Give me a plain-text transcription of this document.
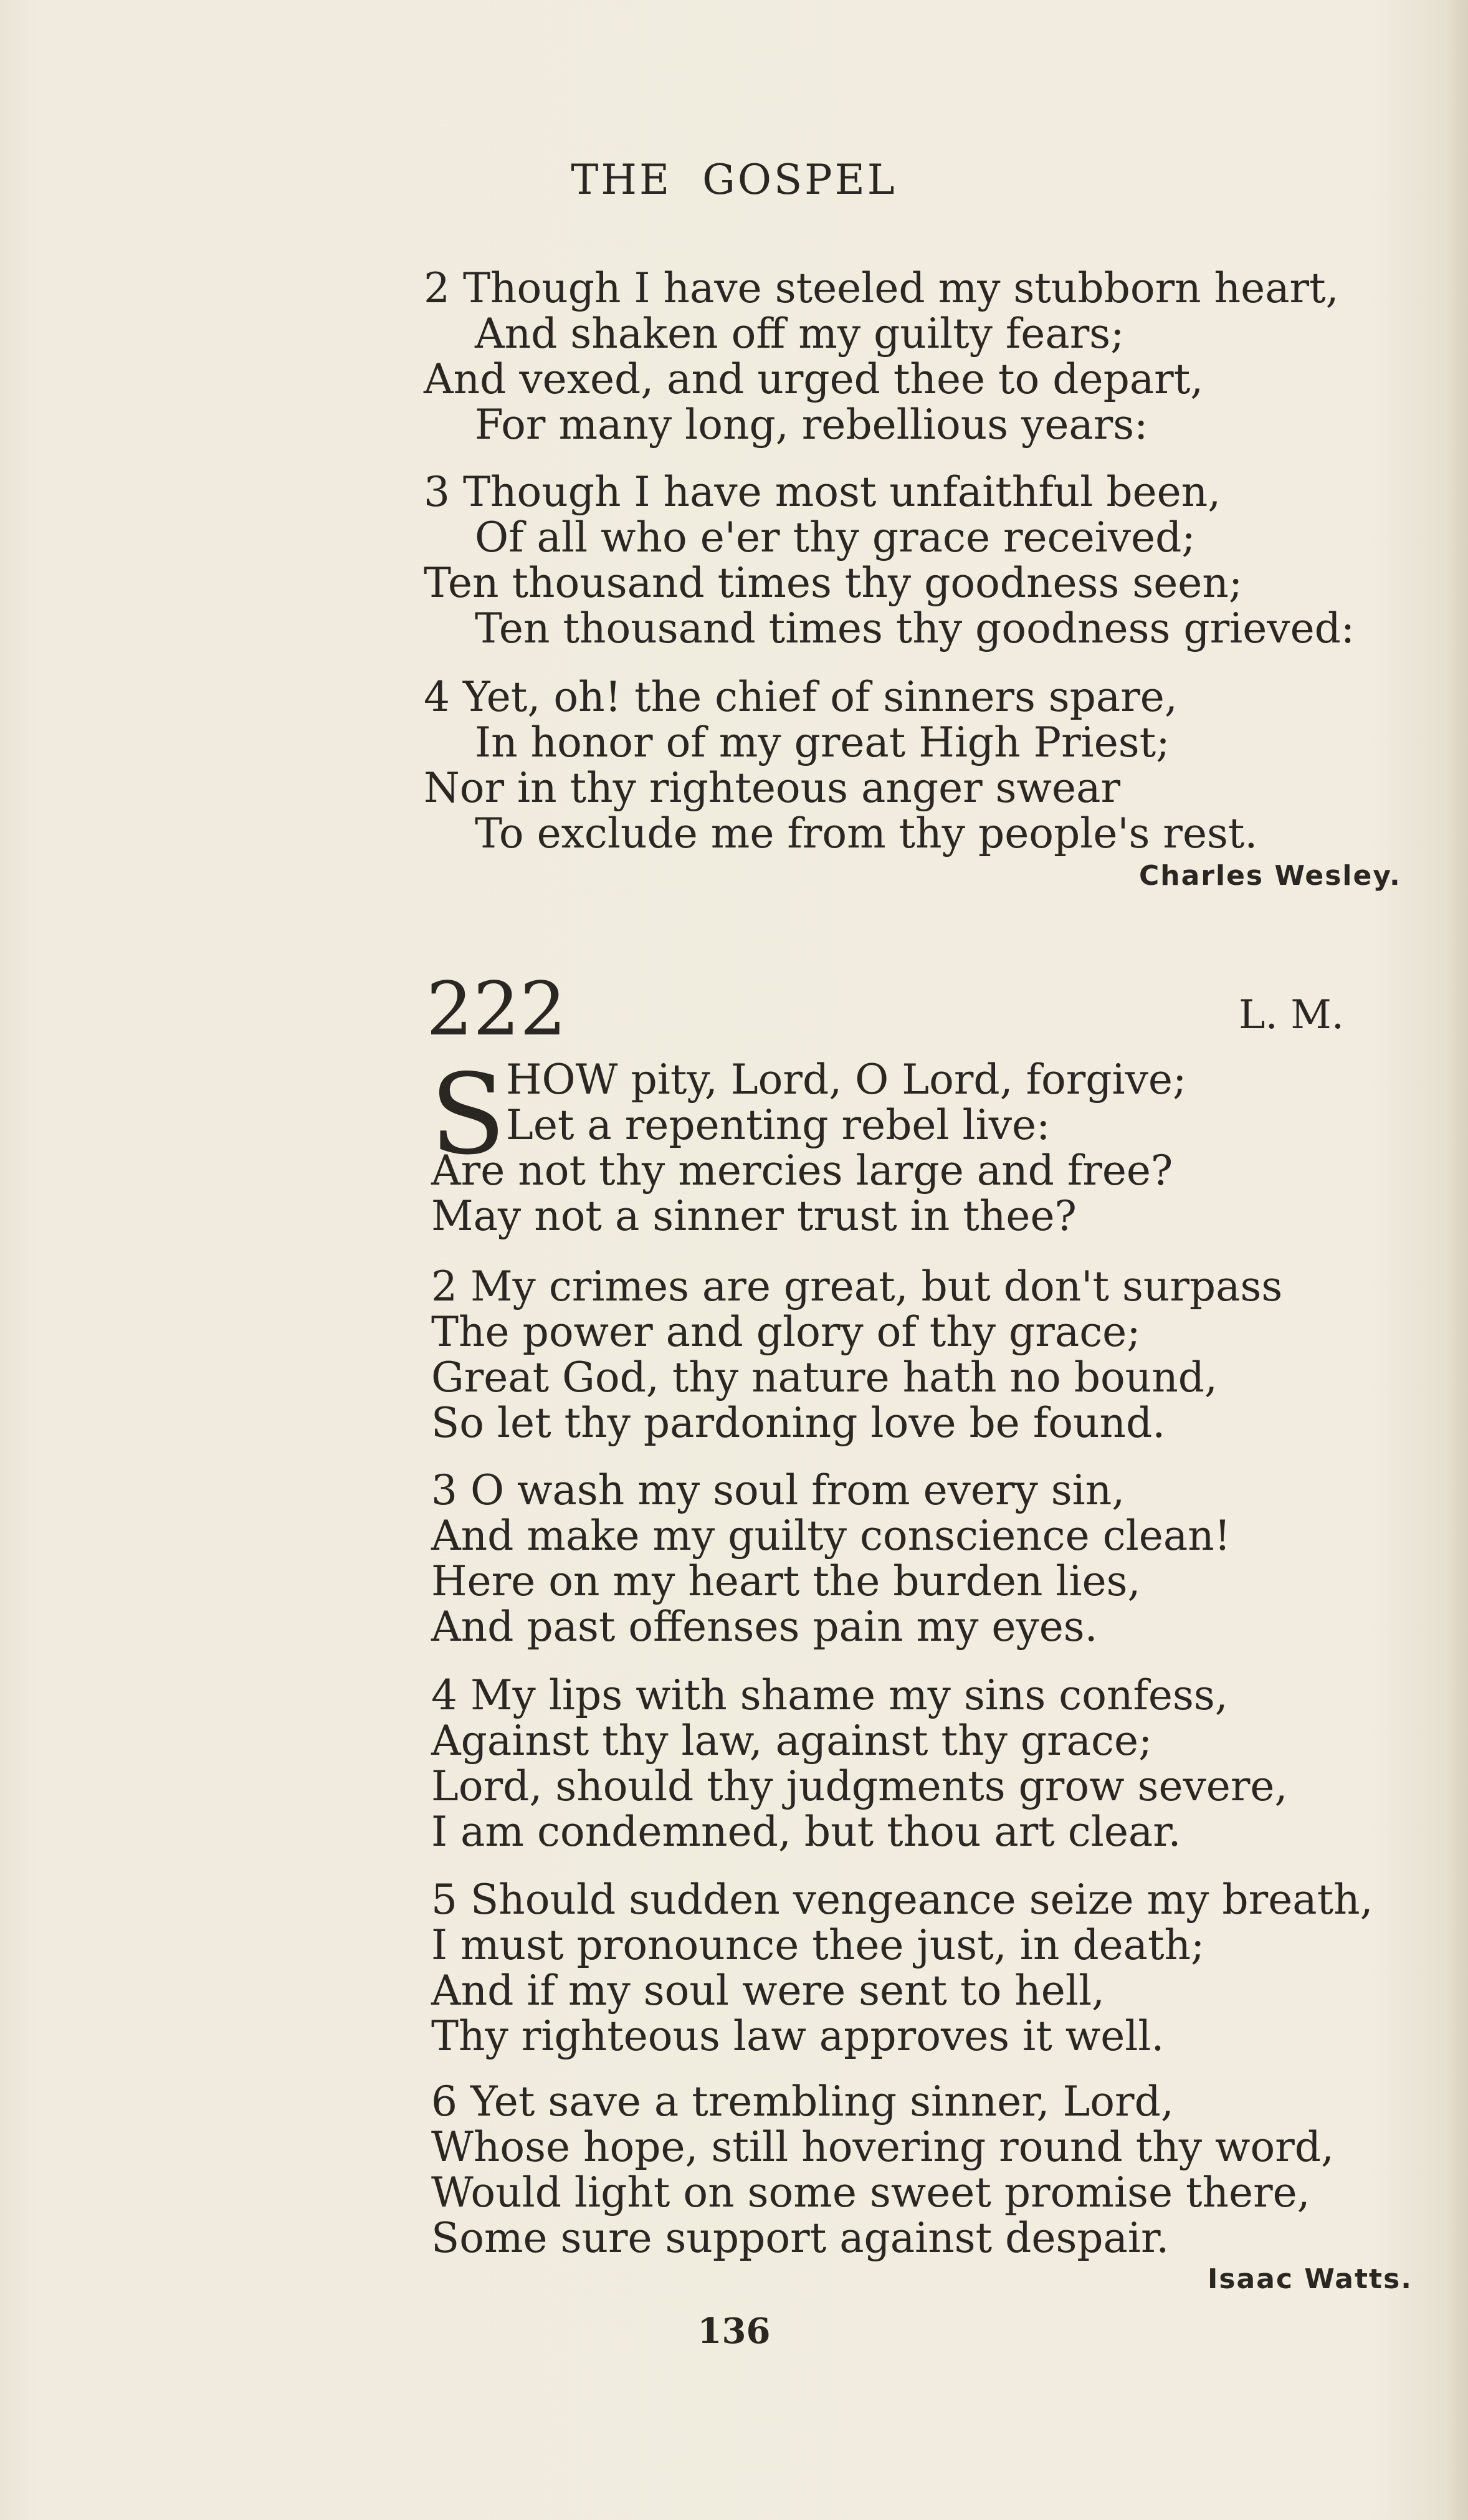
THE GOSPEL
2 Though I have steeled my stubborn heart,
And shaken off my guilty fears;
And vexed, and urged thee to depart,
For many long, rebellious years:
3 Though I have most unfaithful been,
Of all who e'er thy grace received;
Ten thousand times thy goodness seen;
Ten thousand times thy goodness grieved:
4 Yet, oh! the chief of sinners spare,
In honor of my great High Priest;
Nor in thy righteous anger swear
To exclude me from thy people's rest.
Charles Wesley.
222	L. M.
S HOW pity, Lord, O Lord, forgive;
Let a repenting rebel live:
Are not thy mercies large and free?
May not a sinner trust in thee?
2 My crimes are great, but don't surpass
The power and glory of thy grace;
Great God, thy nature hath no bound,
So let thy pardoning love be found.
3 O wash my soul from every sin,
And make my guilty conscience clean!
Here on my heart the burden lies,
And past offenses pain my eyes.
4 My lips with shame my sins confess,
Against thy law, against thy grace;
Lord, should thy judgments grow severe,
I am condemned, but thou art clear.
5 Should sudden vengeance seize my breath,
I must pronounce thee just, in death;
And if my soul were sent to hell,
Thy righteous law approves it well.
6 Yet save a trembling sinner, Lord,
Whose hope, still hovering round thy word,
Would light on some sweet promise there,
Some sure support against despair.
Isaac Watts.
136
